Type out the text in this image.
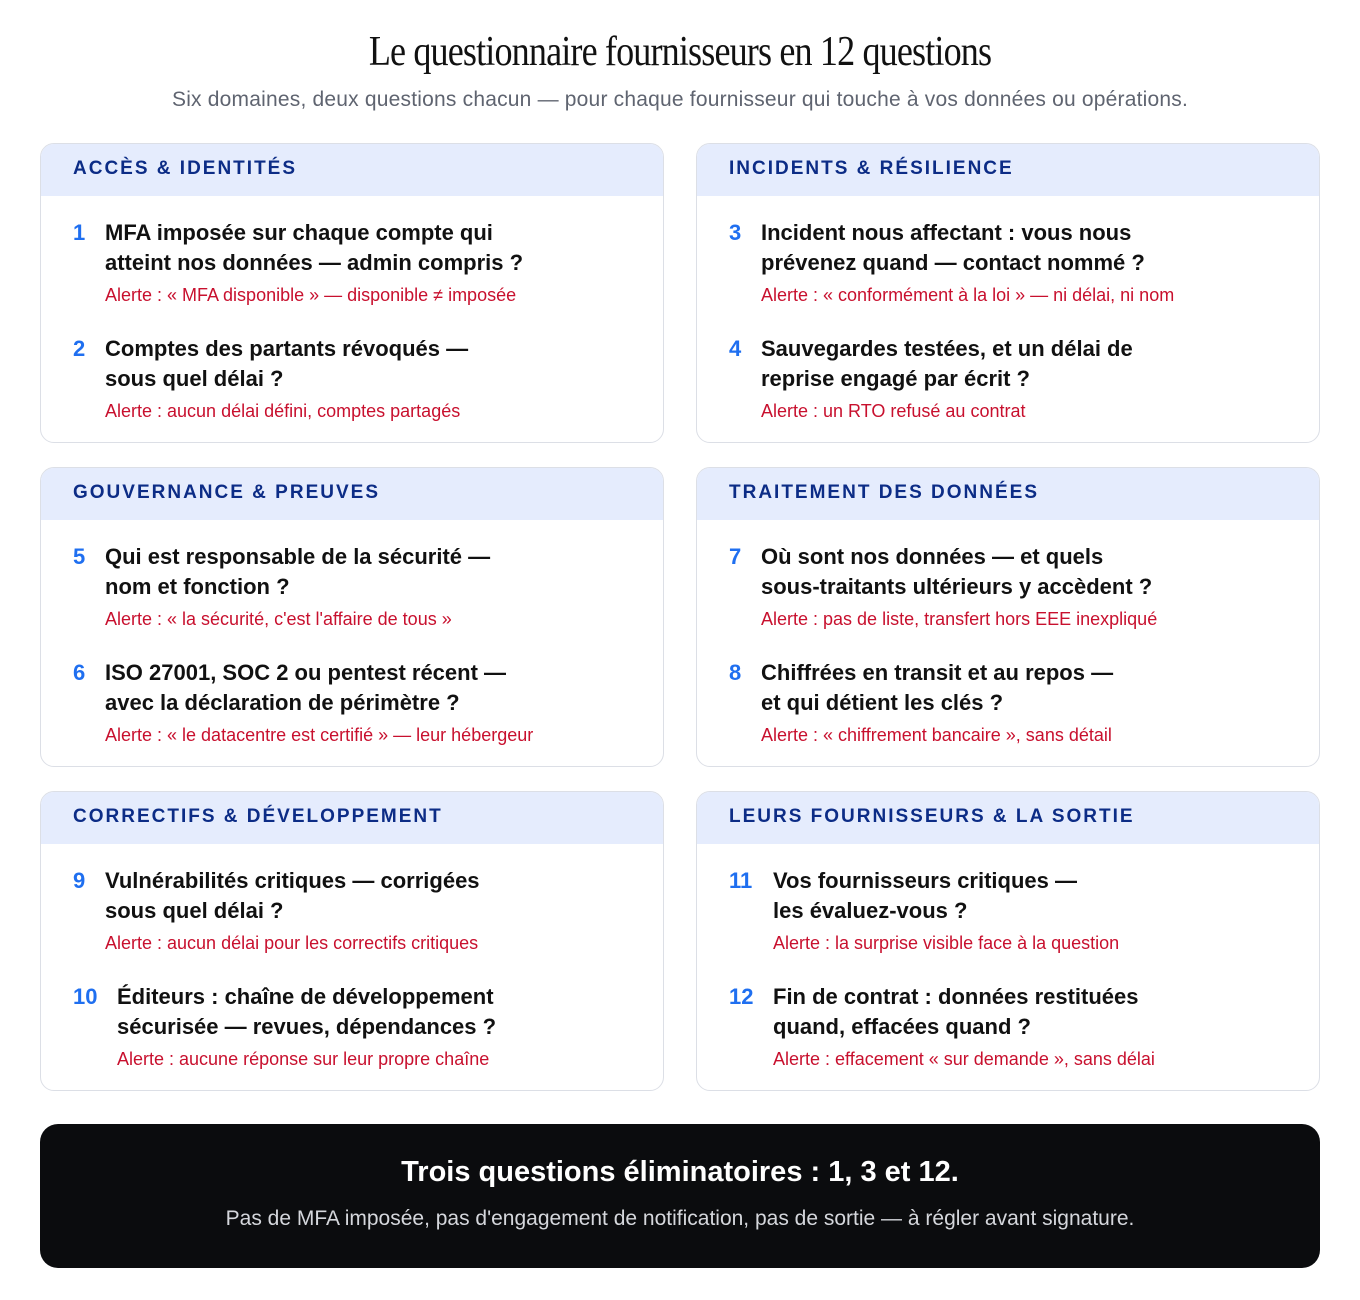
Le questionnaire fournisseurs en 12 questions
Six domaines, deux questions chacun — pour chaque fournisseur qui touche à vos données ou opérations.
ACCÈS & IDENTITÉS
1 MFA imposée sur chaque compte qui
atteint nos données — admin compris ?
Alerte : « MFA disponible » — disponible ≠ imposée
2 Comptes des partants révoqués —
sous quel délai ?
Alerte : aucun délai défini, comptes partagés
INCIDENTS & RÉSILIENCE
3 Incident nous affectant : vous nous
prévenez quand — contact nommé ?
Alerte : « conformément à la loi » — ni délai, ni nom
4 Sauvegardes testées, et un délai de
reprise engagé par écrit ?
Alerte : un RTO refusé au contrat
GOUVERNANCE & PREUVES
5 Qui est responsable de la sécurité —
nom et fonction ?
Alerte : « la sécurité, c'est l'affaire de tous »
6 ISO 27001, SOC 2 ou pentest récent —
avec la déclaration de périmètre ?
Alerte : « le datacentre est certifié » — leur hébergeur
TRAITEMENT DES DONNÉES
7 Où sont nos données — et quels
sous-traitants ultérieurs y accèdent ?
Alerte : pas de liste, transfert hors EEE inexpliqué
8 Chiffrées en transit et au repos —
et qui détient les clés ?
Alerte : « chiffrement bancaire », sans détail
CORRECTIFS & DÉVELOPPEMENT
9 Vulnérabilités critiques — corrigées
sous quel délai ?
Alerte : aucun délai pour les correctifs critiques
10 Éditeurs : chaîne de développement
sécurisée — revues, dépendances ?
Alerte : aucune réponse sur leur propre chaîne
LEURS FOURNISSEURS & LA SORTIE
11 Vos fournisseurs critiques —
les évaluez-vous ?
Alerte : la surprise visible face à la question
12 Fin de contrat : données restituées
quand, effacées quand ?
Alerte : effacement « sur demande », sans délai
Trois questions éliminatoires : 1, 3 et 12.
Pas de MFA imposée, pas d'engagement de notification, pas de sortie — à régler avant signature.
